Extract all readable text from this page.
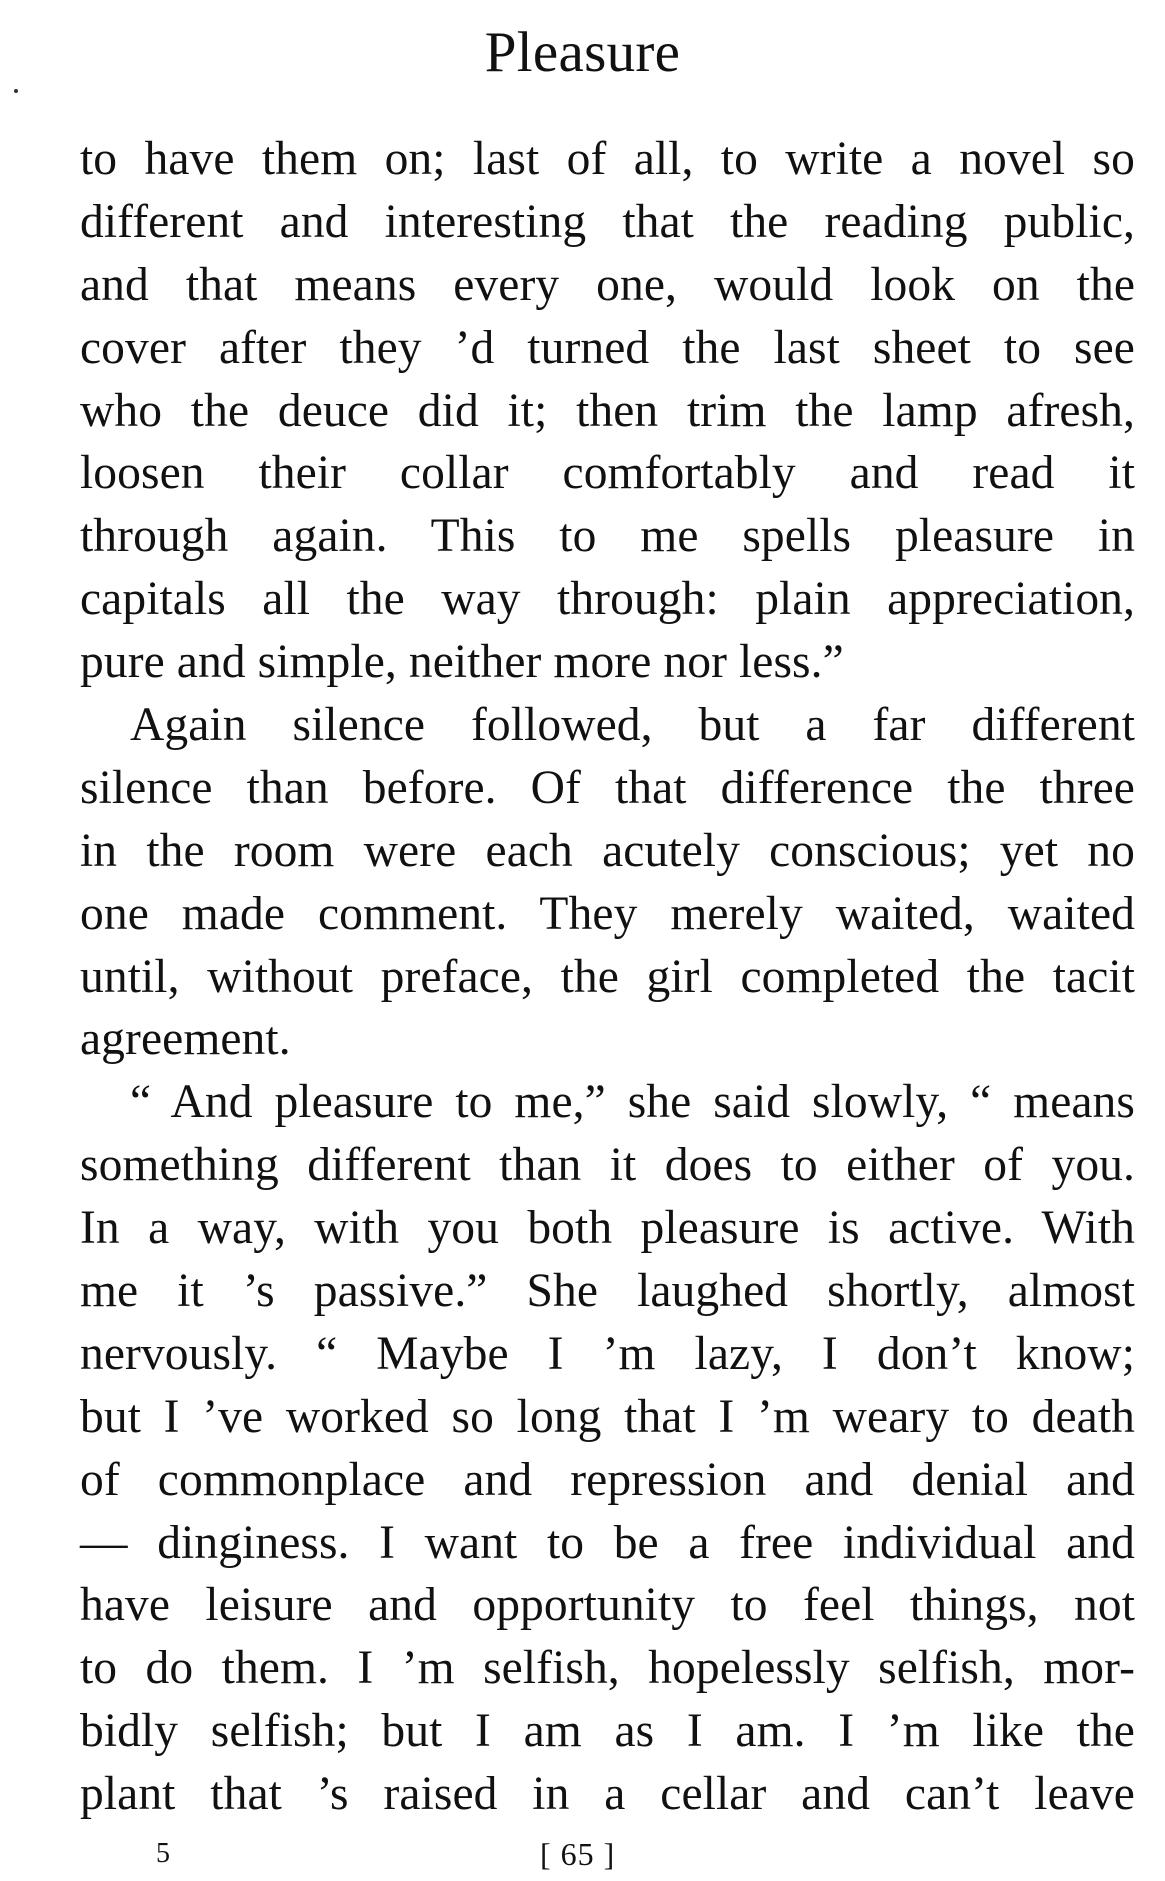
Pleasure
to have them on; last of all, to write a novel so
different and interesting that the reading public,
and that means every one, would look on the
cover after they ’d turned the last sheet to see
who the deuce did it; then trim the lamp afresh,
loosen their collar comfortably and read it
through again. This to me spells pleasure in
capitals all the way through: plain appreciation,
pure and simple, neither more nor less.”
Again silence followed, but a far different
silence than before. Of that difference the three
in the room were each acutely conscious; yet no
one made comment. They merely waited, waited
until, without preface, the girl completed the tacit
agreement.
“ And pleasure to me,” she said slowly, “ means
something different than it does to either of you.
In a way, with you both pleasure is active. With
me it ’s passive.” She laughed shortly, almost
nervously. “ Maybe I ’m lazy, I don’t know;
but I ’ve worked so long that I ’m weary to death
of commonplace and repression and denial and
— dinginess. I want to be a free individual and
have leisure and opportunity to feel things, not
to do them. I ’m selfish, hopelessly selfish, mor-
bidly selfish; but I am as I am. I ’m like the
plant that ’s raised in a cellar and can’t leave
5	[ 65 ]
